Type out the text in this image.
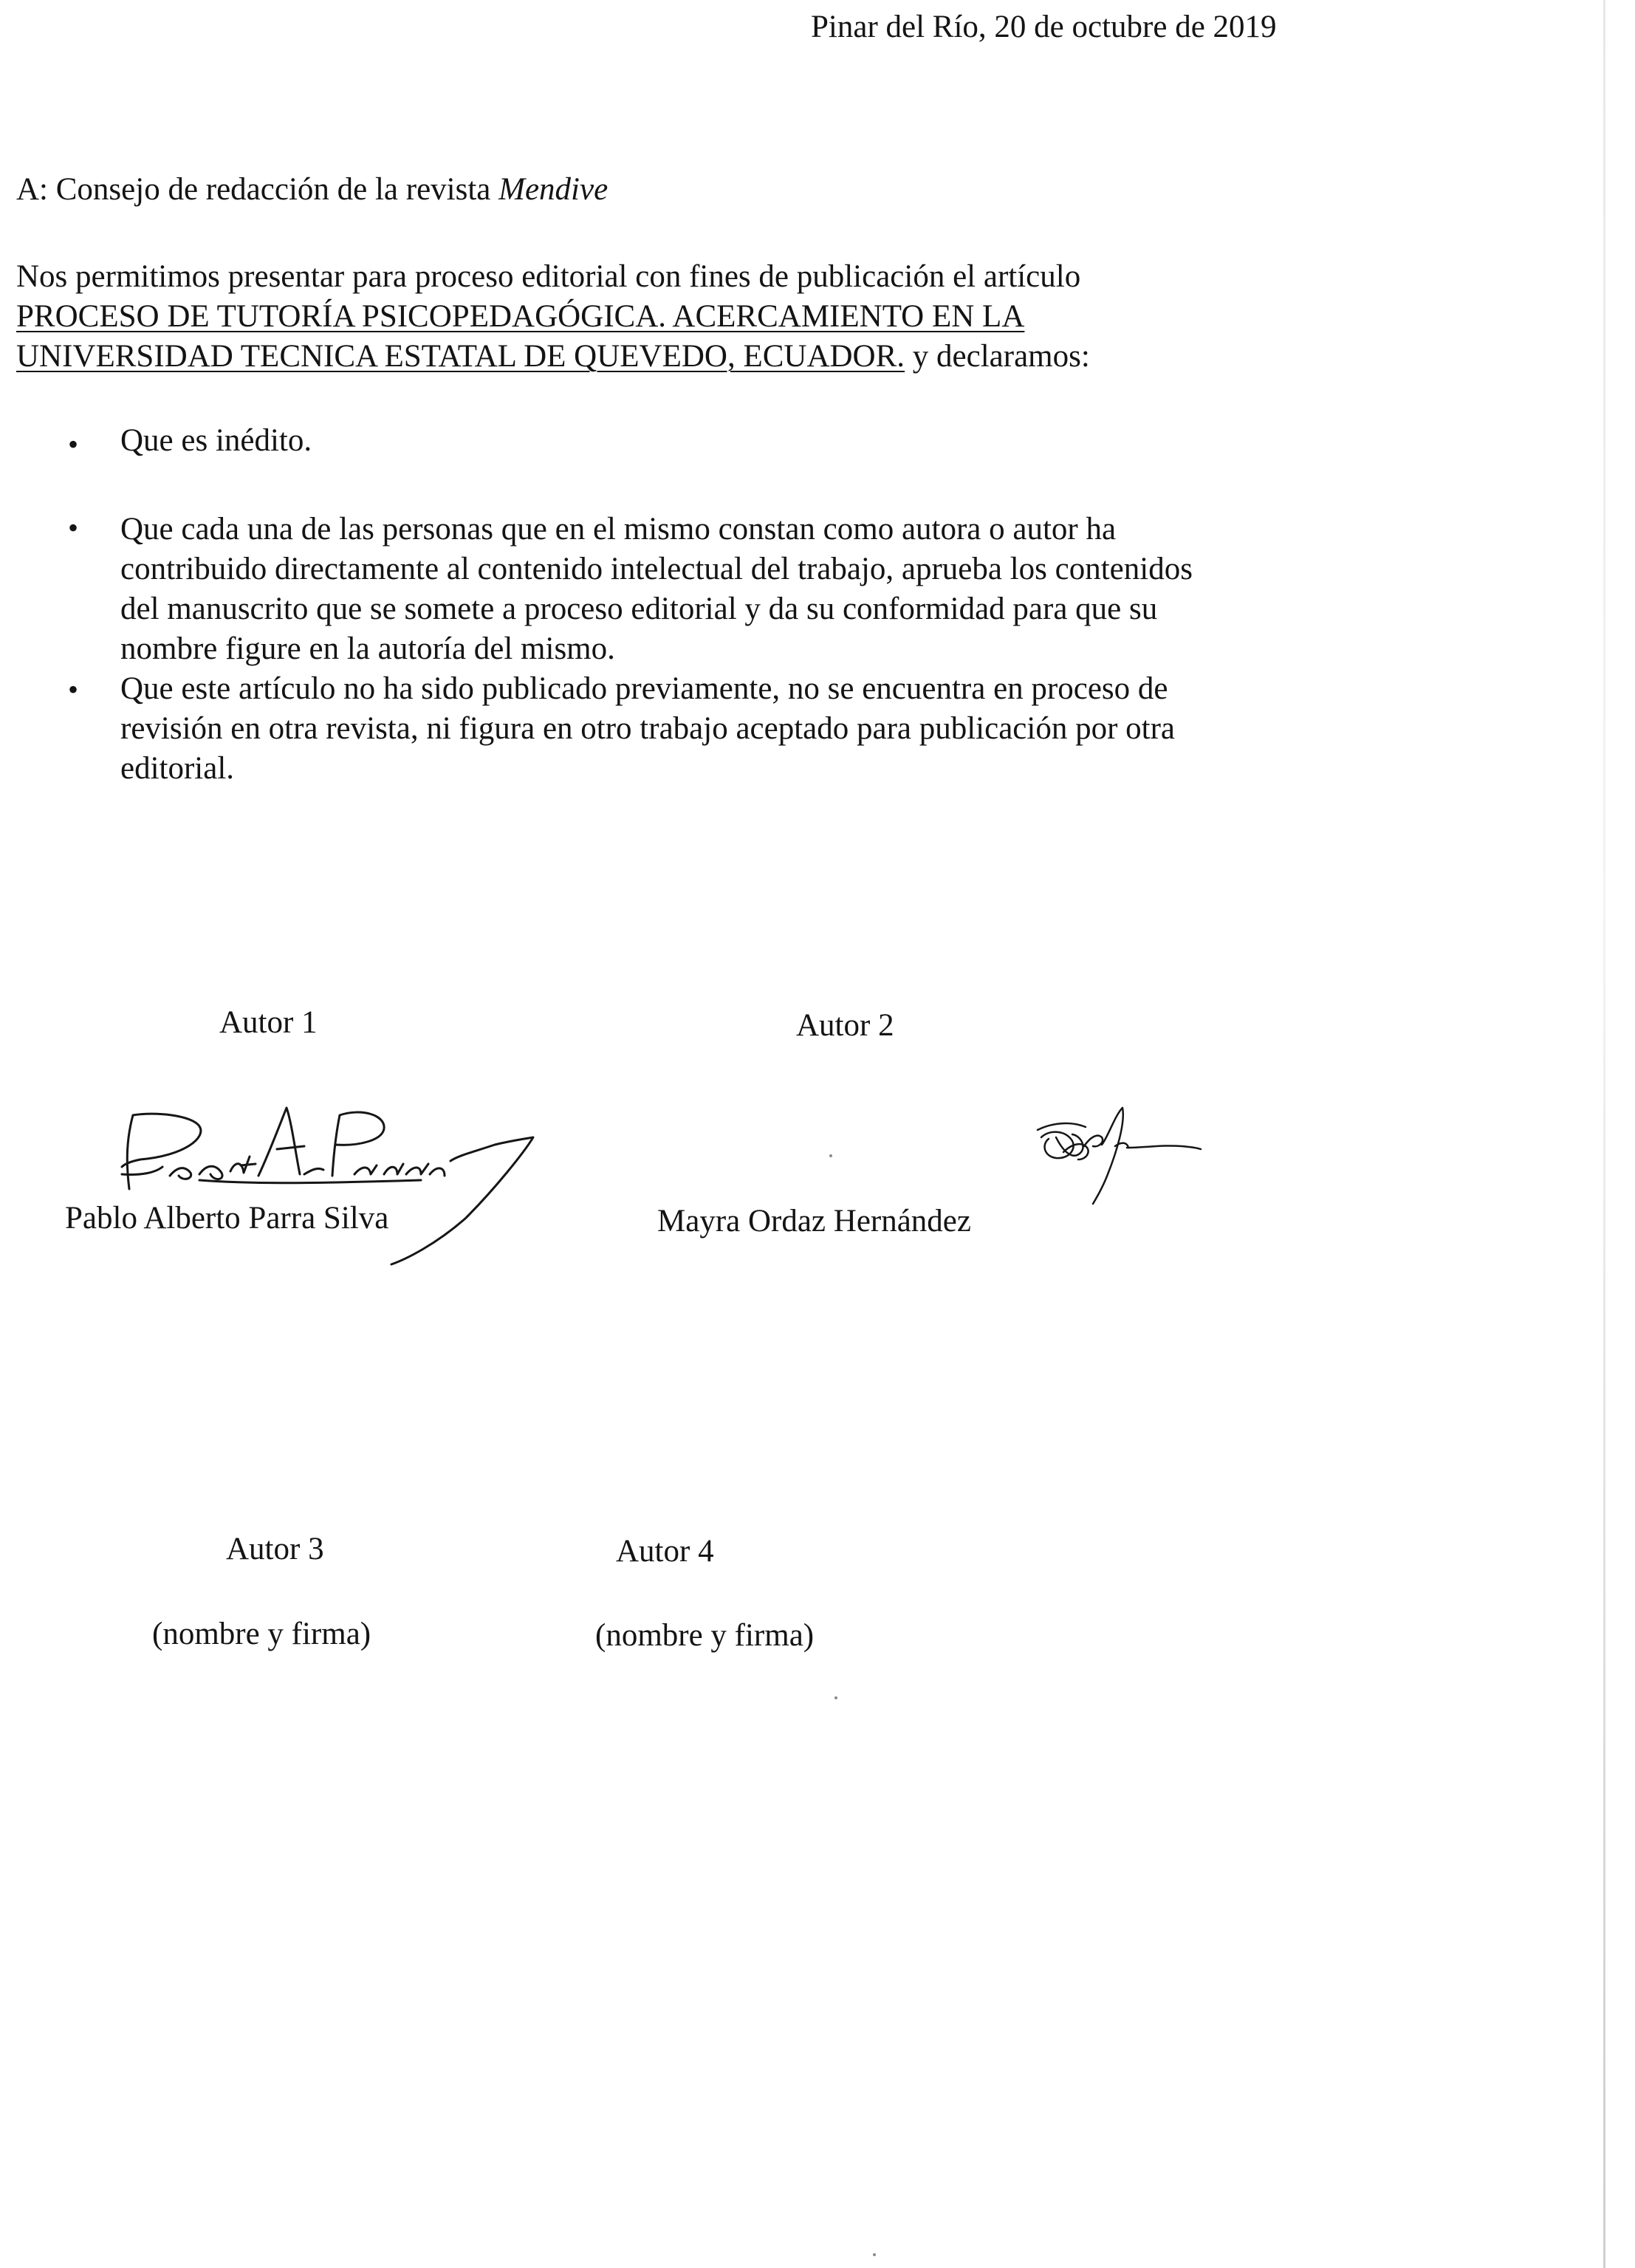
Pinar del Río, 20 de octubre de 2019
A: Consejo de redacción de la revista Mendive
Nos permitimos presentar para proceso editorial con fines de publicación el artículo
PROCESO DE TUTORÍA PSICOPEDAGÓGICA. ACERCAMIENTO EN LA
UNIVERSIDAD TECNICA ESTATAL DE QUEVEDO, ECUADOR. y declaramos:
• Que es inédito.
• Que cada una de las personas que en el mismo constan como autora o autor ha
contribuido directamente al contenido intelectual del trabajo, aprueba los contenidos
del manuscrito que se somete a proceso editorial y da su conformidad para que su
nombre figure en la autoría del mismo.
• Que este artículo no ha sido publicado previamente, no se encuentra en proceso de
revisión en otra revista, ni figura en otro trabajo aceptado para publicación por otra
editorial.
Autor 1	Autor 2
Pablo Alberto Parra Silva	Mayra Ordaz Hernández
Autor 3	Autor 4
(nombre y firma)	(nombre y firma)
